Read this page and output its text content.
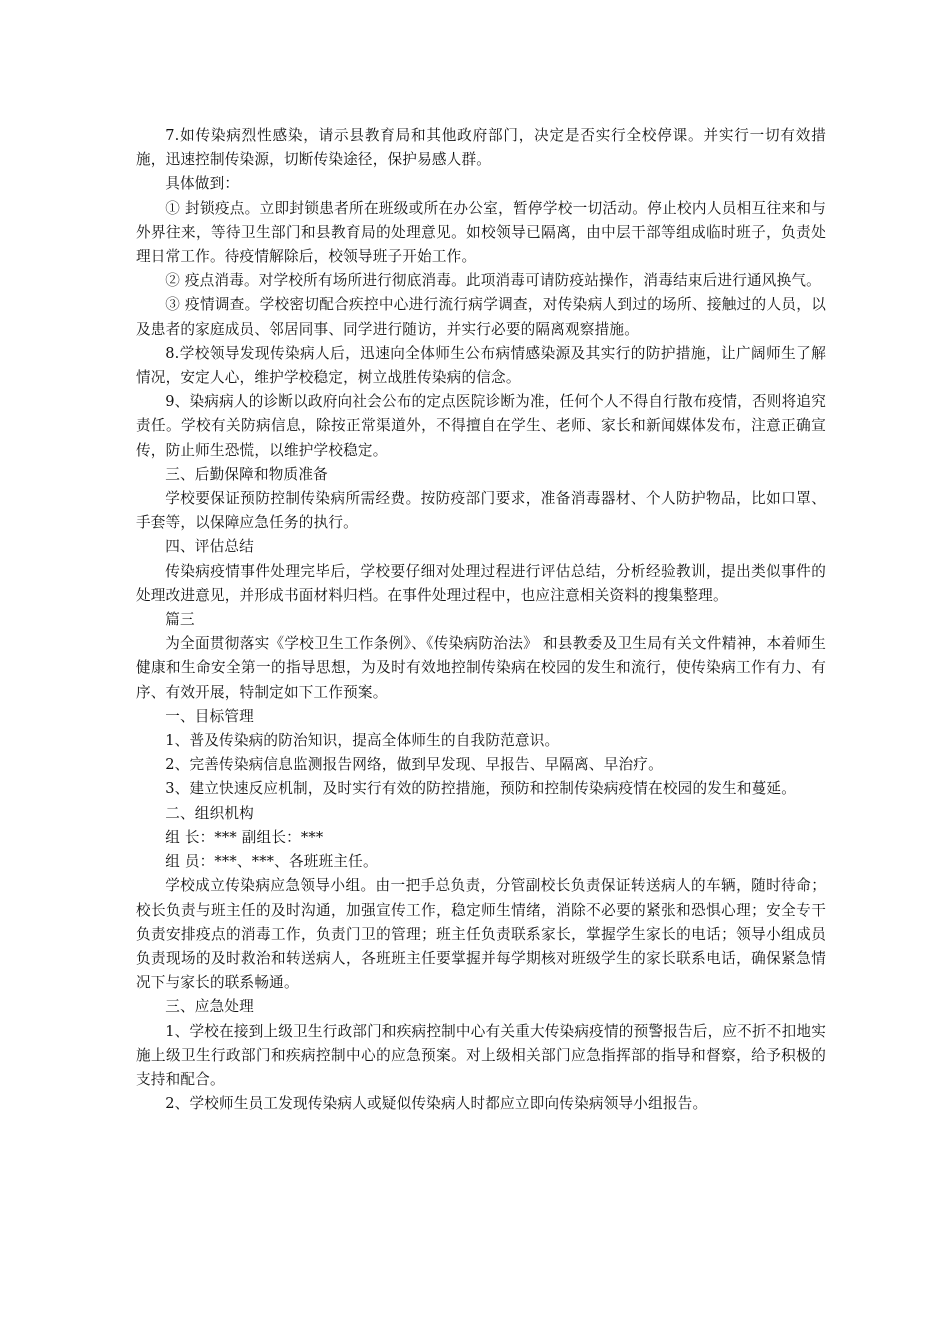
7.如传染病烈性感染，请示县教育局和其他政府部门，决定是否实行全校停课。并实行一切有效措施，迅速控制传染源，切断传染途径，保护易感人群。

具体做到：

① 封锁疫点。立即封锁患者所在班级或所在办公室，暂停学校一切活动。停止校内人员相互往来和与外界往来，等待卫生部门和县教育局的处理意见。如校领导已隔离，由中层干部等组成临时班子，负责处理日常工作。待疫情解除后，校领导班子开始工作。

② 疫点消毒。对学校所有场所进行彻底消毒。此项消毒可请防疫站操作，消毒结束后进行通风换气。

③ 疫情调查。学校密切配合疾控中心进行流行病学调查，对传染病人到过的场所、接触过的人员，以及患者的家庭成员、邻居同事、同学进行随访，并实行必要的隔离观察措施。

8.学校领导发现传染病人后，迅速向全体师生公布病情感染源及其实行的防护措施，让广阔师生了解情况，安定人心，维护学校稳定，树立战胜传染病的信念。

9、染病病人的诊断以政府向社会公布的定点医院诊断为准，任何个人不得自行散布疫情，否则将追究责任。学校有关防病信息，除按正常渠道外，不得擅自在学生、老师、家长和新闻媒体发布，注意正确宣传，防止师生恐慌，以维护学校稳定。

三、后勤保障和物质准备

学校要保证预防控制传染病所需经费。按防疫部门要求，准备消毒器材、个人防护物品，比如口罩、手套等，以保障应急任务的执行。

四、评估总结

传染病疫情事件处理完毕后，学校要仔细对处理过程进行评估总结，分析经验教训，提出类似事件的处理改进意见，并形成书面材料归档。在事件处理过程中，也应注意相关资料的搜集整理。

篇三

为全面贯彻落实《学校卫生工作条例》、《传染病防治法》 和县教委及卫生局有关文件精神，本着师生健康和生命安全第一的指导思想，为及时有效地控制传染病在校园的发生和流行，使传染病工作有力、有序、有效开展，特制定如下工作预案。

一、目标管理

1、普及传染病的防治知识，提高全体师生的自我防范意识。

2、完善传染病信息监测报告网络，做到早发现、早报告、早隔离、早治疗。

3、建立快速反应机制，及时实行有效的防控措施，预防和控制传染病疫情在校园的发生和蔓延。

二、组织机构

组 长：*** 副组长：***

组 员：***、***、各班班主任。

学校成立传染病应急领导小组。由一把手总负责，分管副校长负责保证转送病人的车辆，随时待命；校长负责与班主任的及时沟通，加强宣传工作，稳定师生情绪，消除不必要的紧张和恐惧心理；安全专干负责安排疫点的消毒工作，负责门卫的管理；班主任负责联系家长，掌握学生家长的电话；领导小组成员负责现场的及时救治和转送病人，各班班主任要掌握并每学期核对班级学生的家长联系电话，确保紧急情况下与家长的联系畅通。

三、应急处理

1、学校在接到上级卫生行政部门和疾病控制中心有关重大传染病疫情的预警报告后，应不折不扣地实施上级卫生行政部门和疾病控制中心的应急预案。对上级相关部门应急指挥部的指导和督察，给予积极的支持和配合。

2、学校师生员工发现传染病人或疑似传染病人时都应立即向传染病领导小组报告。
